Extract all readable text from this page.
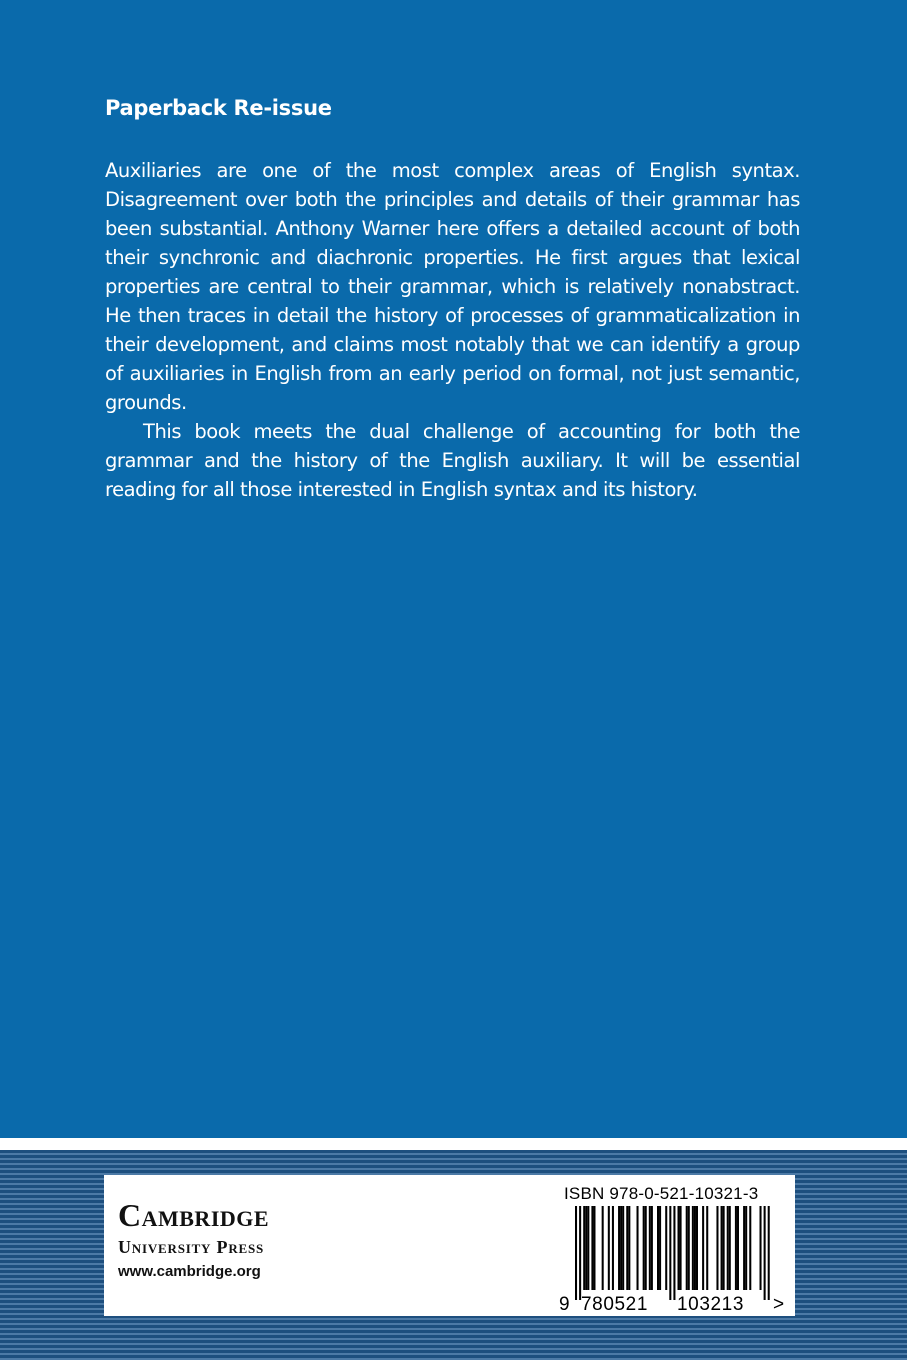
Paperback Re-issue

Auxiliaries are one of the most complex areas of English syntax. Disagreement over both the principles and details of their grammar has been substantial. Anthony Warner here offers a detailed account of both their synchronic and diachronic properties. He first argues that lexical properties are central to their grammar, which is relatively nonabstract. He then traces in detail the history of processes of grammaticalization in their development, and claims most notably that we can identify a group of auxiliaries in English from an early period on formal, not just semantic, grounds.

This book meets the dual challenge of accounting for both the grammar and the history of the English auxiliary. It will be essential reading for all those interested in English syntax and its history.

Cambridge
University Press
www.cambridge.org
ISBN 978-0-521-10321-3
9 780521 103213 >
